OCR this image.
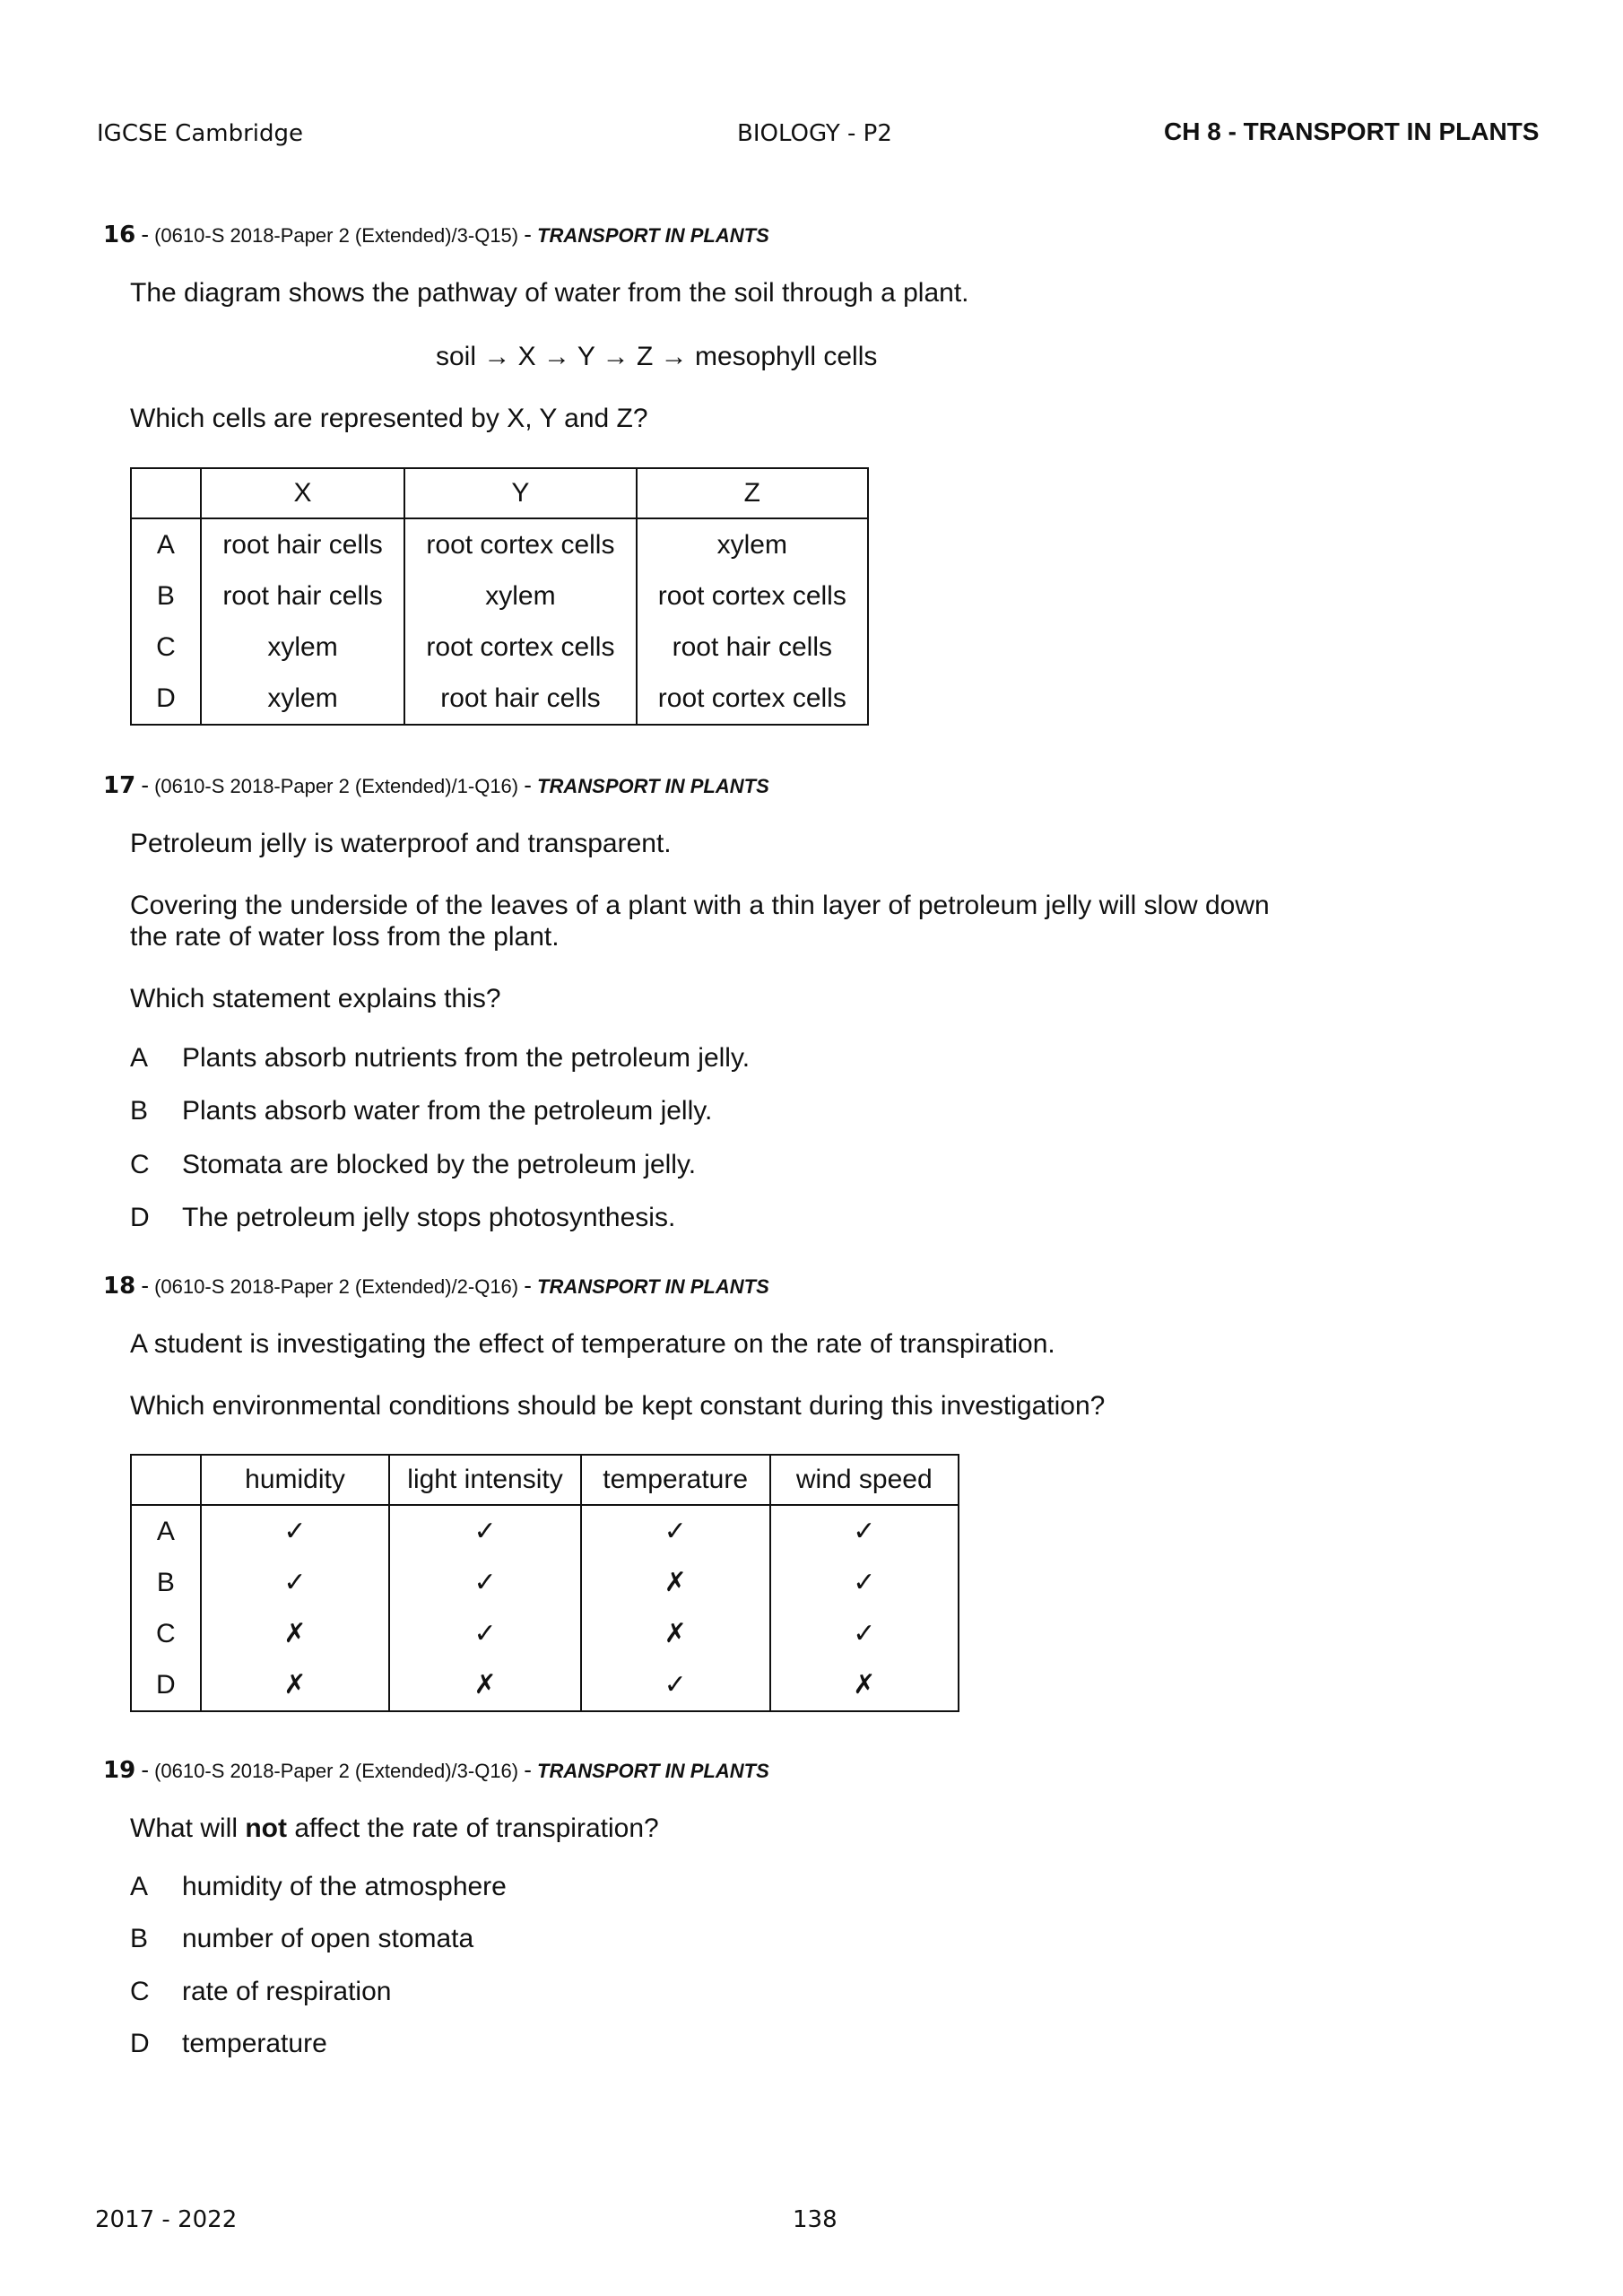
IGCSE Cambridge	BIOLOGY - P2	CH 8 - TRANSPORT IN PLANTS
16 - (0610-S 2018-Paper 2 (Extended)/3-Q15) - TRANSPORT IN PLANTS
The diagram shows the pathway of water from the soil through a plant.
soil → X → Y → Z → mesophyll cells
Which cells are represented by X, Y and Z?
	X	Y	Z
A	root hair cells	root cortex cells	xylem
B	root hair cells	xylem	root cortex cells
C	xylem	root cortex cells	root hair cells
D	xylem	root hair cells	root cortex cells
17 - (0610-S 2018-Paper 2 (Extended)/1-Q16) - TRANSPORT IN PLANTS
Petroleum jelly is waterproof and transparent.
Covering the underside of the leaves of a plant with a thin layer of petroleum jelly will slow down
the rate of water loss from the plant.
Which statement explains this?
A Plants absorb nutrients from the petroleum jelly.
B Plants absorb water from the petroleum jelly.
C Stomata are blocked by the petroleum jelly.
D The petroleum jelly stops photosynthesis.
18 - (0610-S 2018-Paper 2 (Extended)/2-Q16) - TRANSPORT IN PLANTS
A student is investigating the effect of temperature on the rate of transpiration.
Which environmental conditions should be kept constant during this investigation?
	humidity	light intensity	temperature	wind speed
A	✓	✓	✓	✓
B	✓	✓	✗	✓
C	✗	✓	✗	✓
D	✗	✗	✓	✗
19 - (0610-S 2018-Paper 2 (Extended)/3-Q16) - TRANSPORT IN PLANTS
What will not affect the rate of transpiration?
A humidity of the atmosphere
B number of open stomata
C rate of respiration
D temperature
2017 - 2022	138
